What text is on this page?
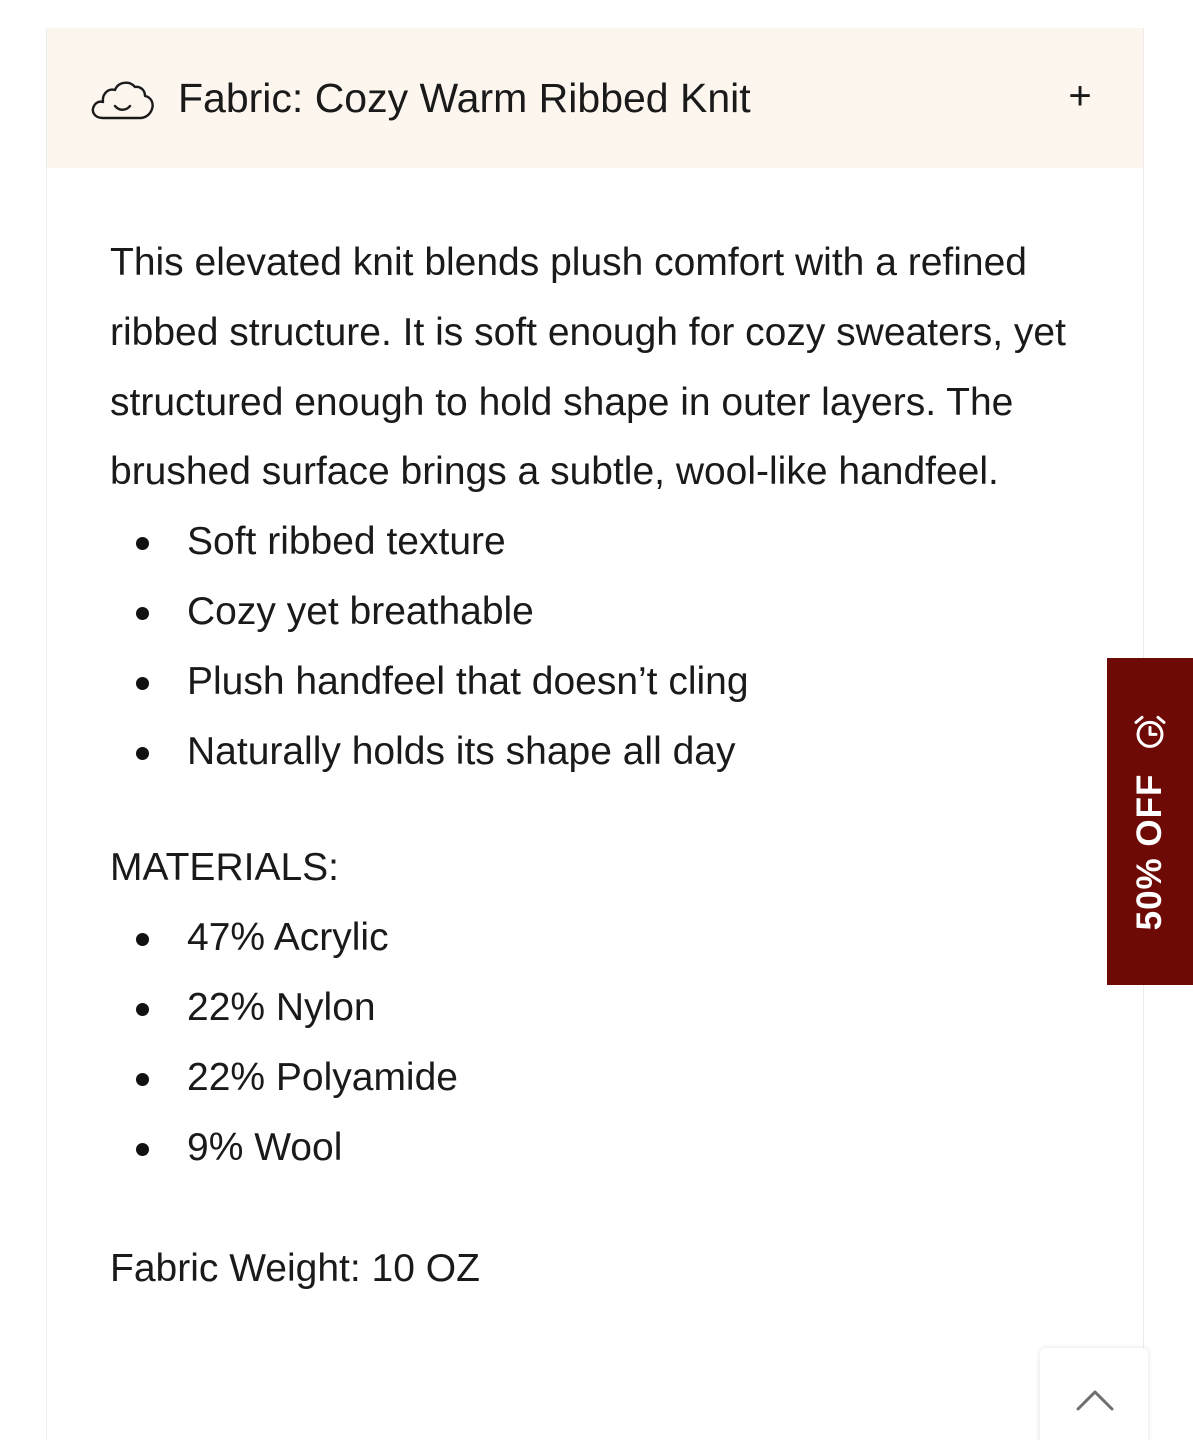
Fabric: Cozy Warm Ribbed Knit	+

This elevated knit blends plush comfort with a refined ribbed structure. It is soft enough for cozy sweaters, yet structured enough to hold shape in outer layers. The brushed surface brings a subtle, wool-like handfeel.

Soft ribbed texture
Cozy yet breathable
Plush handfeel that doesn’t cling
Naturally holds its shape all day

MATERIALS:

47% Acrylic
22% Nylon
22% Polyamide
9% Wool

Fabric Weight: 10 OZ

50% OFF
